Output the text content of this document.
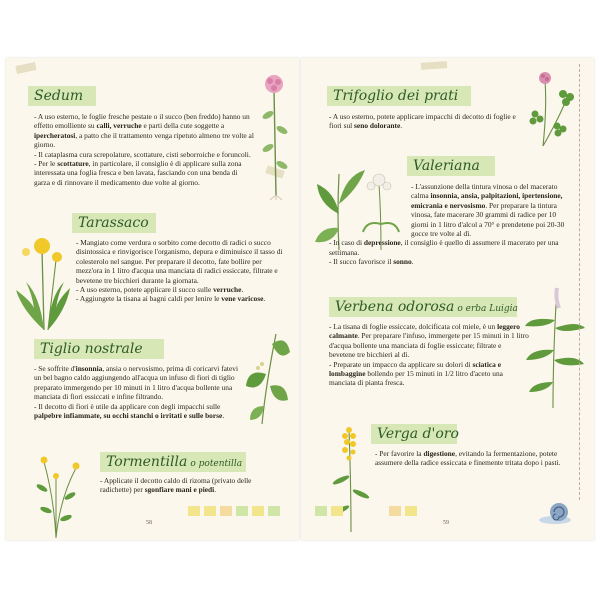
Sedum

- A uso esterno, le foglie fresche pestate o il succo (ben freddo) hanno un effetto emolliente su calli, verruche e parti della cute soggette a ipercheratosi, a patto che il trattamento venga ripetuto almeno tre volte al giorno.

- Il cataplasma cura screpolature, scottature, cisti seborroiche e foruncoli.

- Per le scottature, in particolare, il consiglio è di applicare sulla zona interessata una foglia fresca e ben lavata, fasciando con una benda di garza e di rinnovare il medicamento due volte al giorno.

Tarassaco

- Mangiato come verdura o sorbito come decotto di radici o succo disintossica e rinvigorisce l'organismo, depura e diminuisce il tasso di colesterolo nel sangue. Per preparare il decotto, fate bollire per mezz'ora in 1 litro d'acqua una manciata di radici essiccate, filtrate e bevetene tre bicchieri durante la giornata.

- A uso esterno, potete applicare il succo sulle verruche.

- Aggiungete la tisana ai bagni caldi per lenire le vene varicose.

Tiglio nostrale

- Se soffrite d'insonnia, ansia o nervosismo, prima di coricarvi fatevi un bel bagno caldo aggiungendo all'acqua un infuso di fiori di tiglio preparato immergendo per 10 minuti in 1 litro d'acqua bollente una manciata di fiori essiccati e infine filtrando.

- Il decotto di fiori è utile da applicare con degli impacchi sulle palpebre infiammate, su occhi stanchi o irritati e sulle borse.

Tormentilla o potentilla

- Applicate il decotto caldo di rizoma (privato delle radichette) per sgonfiare mani e piedi.

58
Trifoglio dei prati

- A uso esterno, potete applicare impacchi di decotto di foglie e fiori sul seno dolorante.

Valeriana

- L'assunzione della tintura vinosa o del macerato calma insonnia, ansia, palpitazioni, ipertensione, emicrania e nervosismo. Per preparare la tintura vinosa, fate macerare 30 grammi di radice per 10 giorni in 1 litro d'alcol a 70° e prendetene poi 20-30 gocce tre volte al dì.

- In caso di depressione, il consiglio è quello di assumere il macerato per una settimana.

- Il succo favorisce il sonno.

Verbena odorosa o erba Luigia

- La tisana di foglie essiccate, dolcificata col miele, è un leggero calmante. Per preparare l'infuso, immergete per 15 minuti in 1 litro d'acqua bollente una manciata di foglie essiccate; filtrate e bevetene tre bicchieri al dì.

- Preparate un impacco da applicare su dolori di sciatica e lombaggine bollendo per 15 minuti in 1/2 litro d'aceto una manciata di pianta fresca.

Verga d'oro

- Per favorire la digestione, evitando la fermentazione, potete assumere della radice essiccata e finemente tritata dopo i pasti.

59
